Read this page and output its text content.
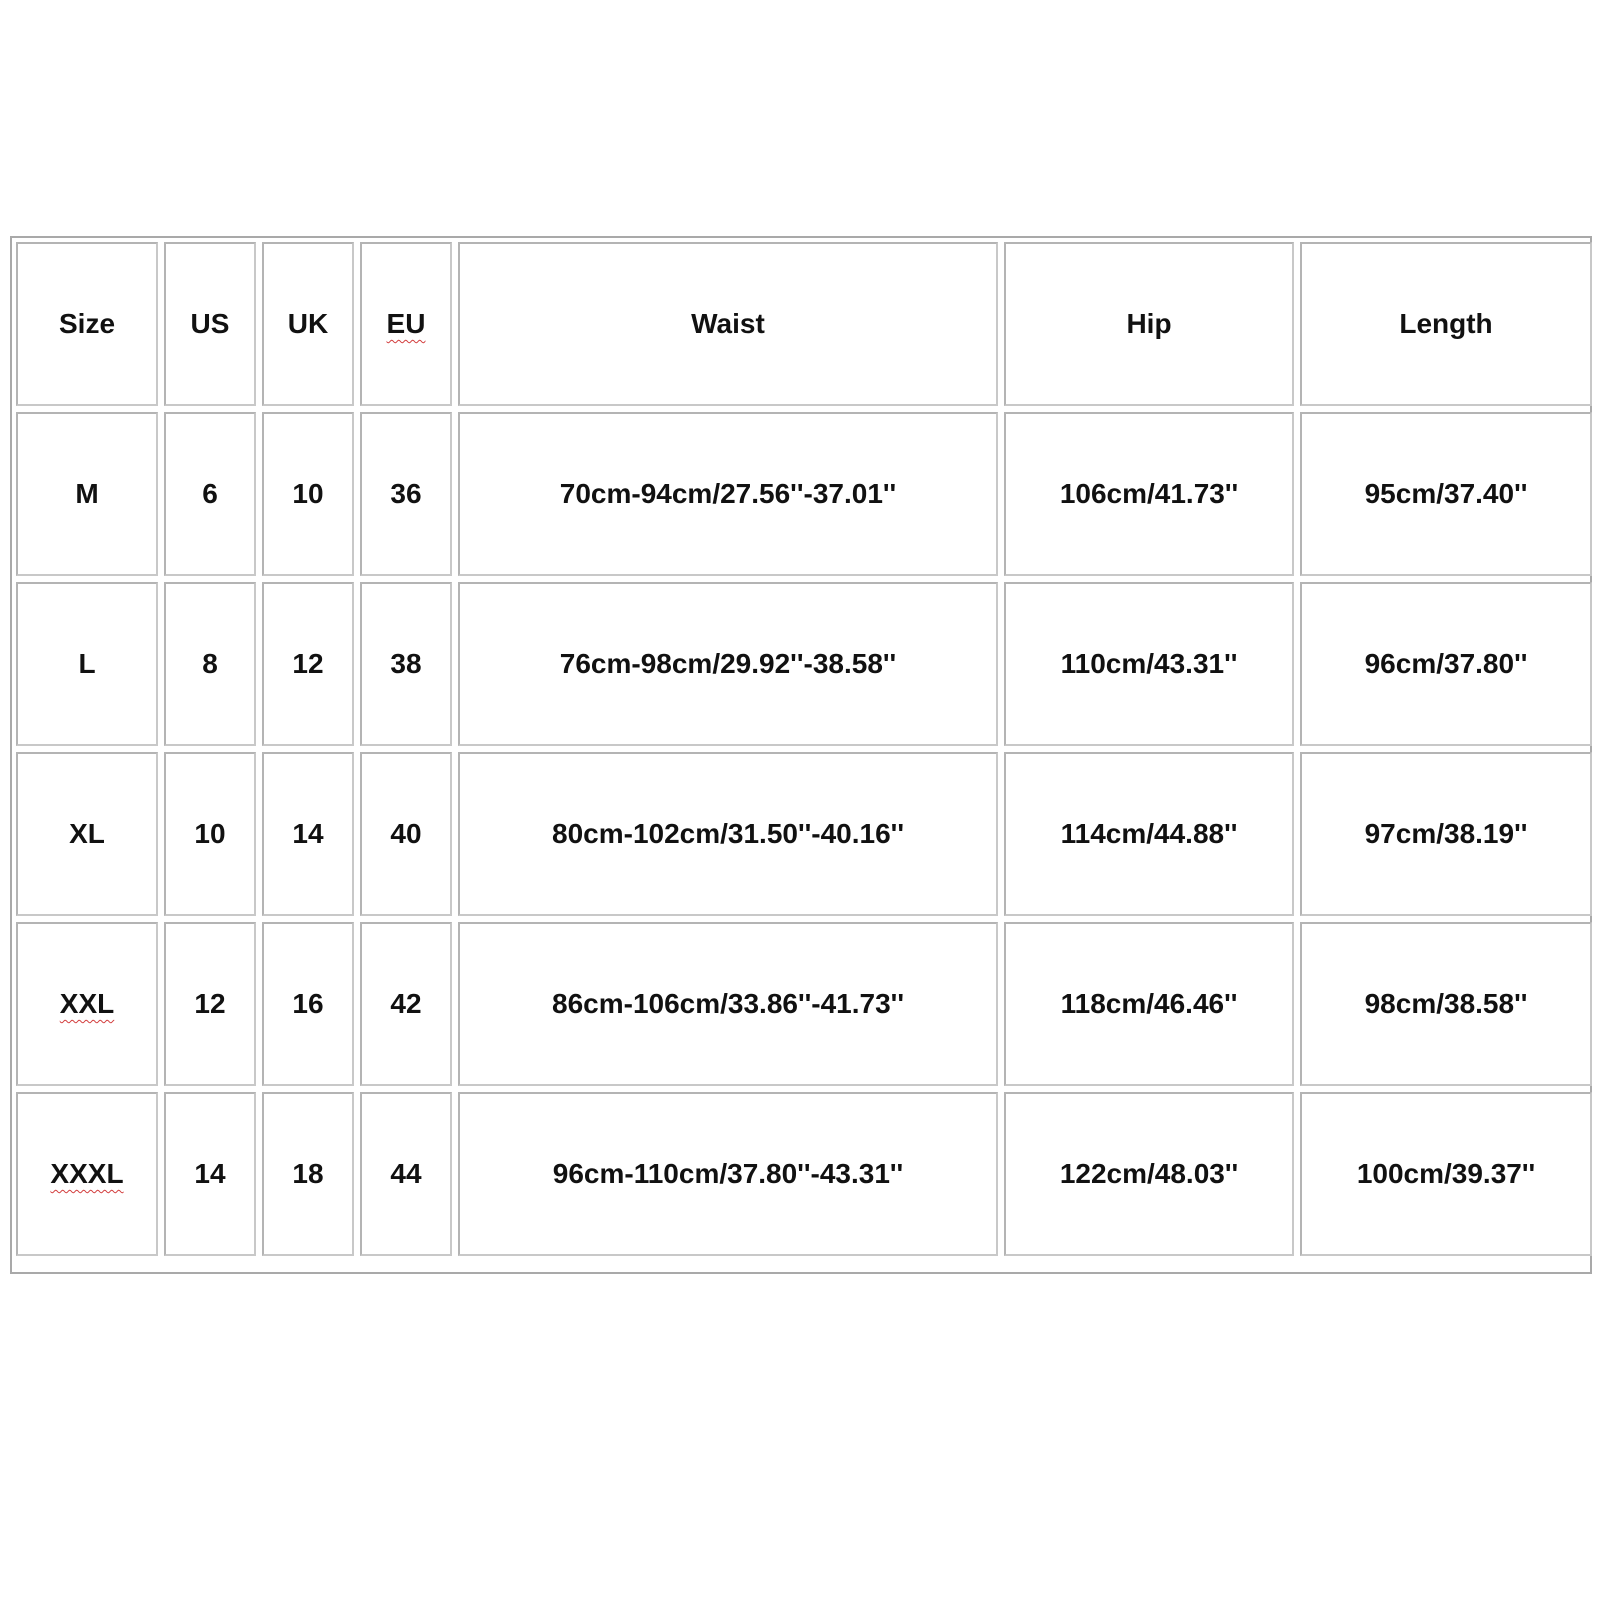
Size	US	UK	EU	Waist	Hip	Length
M	6	10	36	70cm-94cm/27.56''-37.01''	106cm/41.73''	95cm/37.40''
L	8	12	38	76cm-98cm/29.92''-38.58''	110cm/43.31''	96cm/37.80''
XL	10	14	40	80cm-102cm/31.50''-40.16''	114cm/44.88''	97cm/38.19''
XXL	12	16	42	86cm-106cm/33.86''-41.73''	118cm/46.46''	98cm/38.58''
XXXL	14	18	44	96cm-110cm/37.80''-43.31''	122cm/48.03''	100cm/39.37''
